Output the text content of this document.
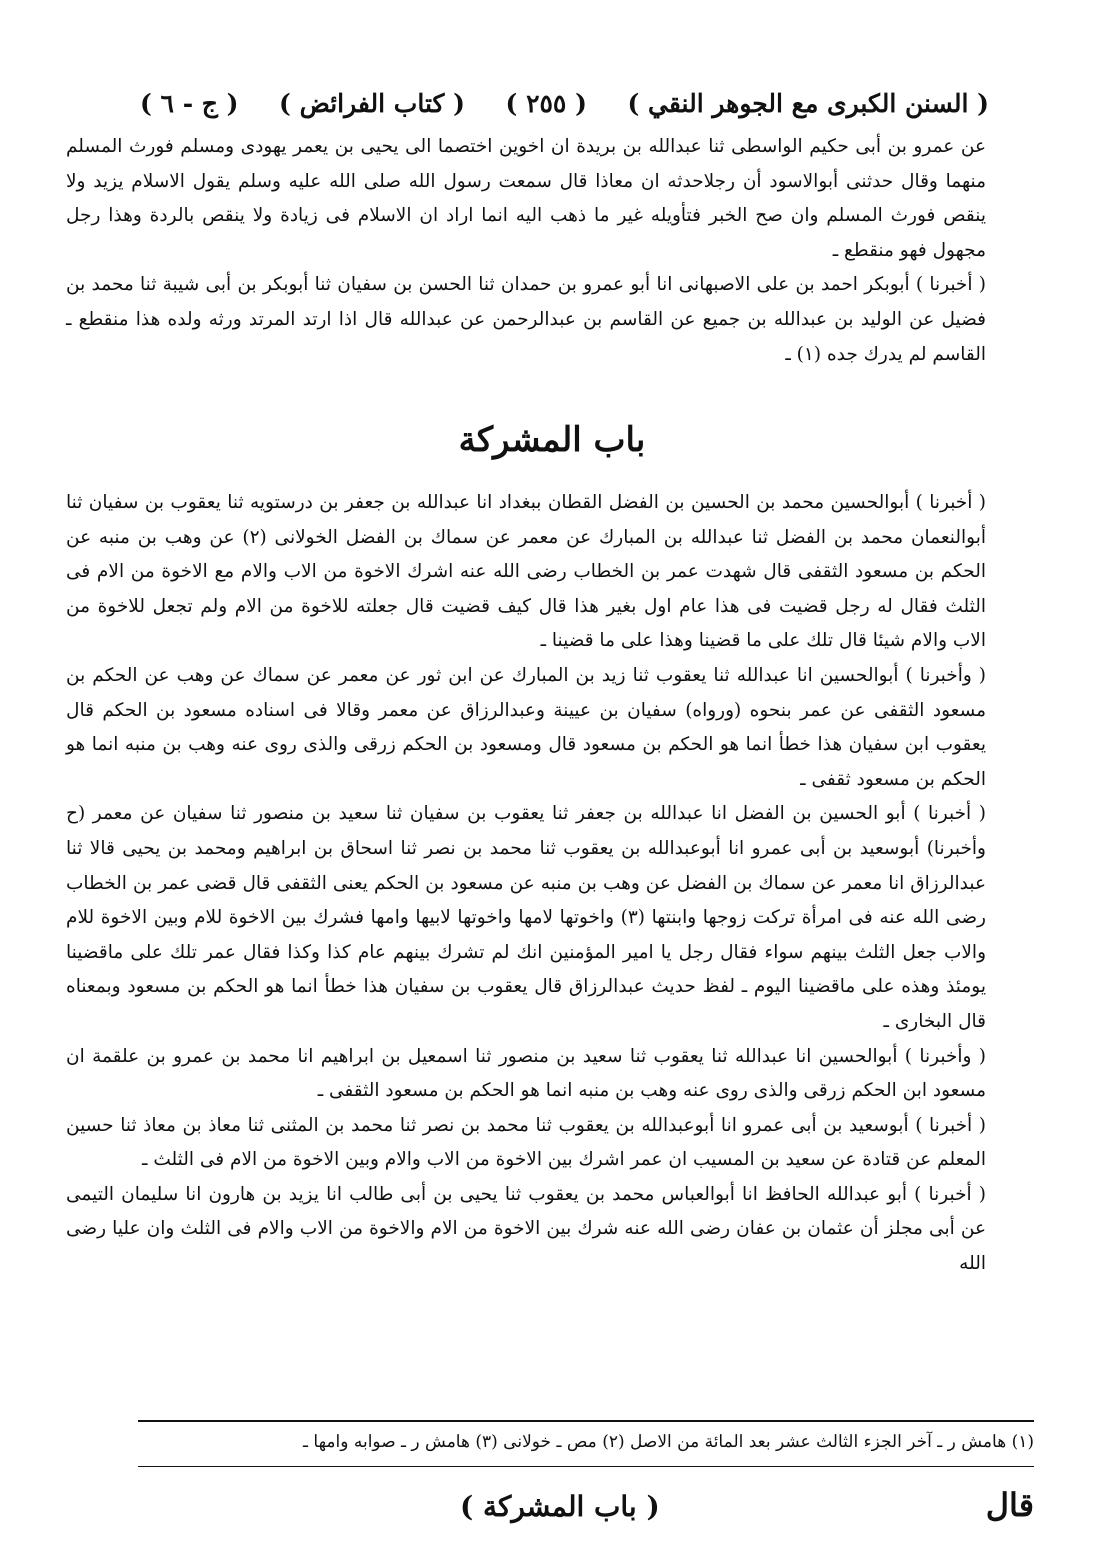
( السنن الكبرى مع الجوهر النقي )
( ٢٥٥ )
( كتاب الفرائض )
( ج - ٦ )

عن عمرو بن أبى حكيم الواسطى ثنا عبدالله بن بريدة ان اخوين اختصما الى يحيى بن يعمر يهودى ومسلم فورث المسلم منهما وقال حدثنى أبوالاسود أن رجلاحدثه ان معاذا قال سمعت رسول الله صلى الله عليه وسلم يقول الاسلام يزيد ولا ينقص فورث المسلم وان صح الخبر فتأويله غير ما ذهب اليه انما اراد ان الاسلام فى زيادة ولا ينقص بالردة وهذا رجل مجهول فهو منقطع ـ

( أخبرنا ) أبوبكر احمد بن على الاصبهانى انا أبو عمرو بن حمدان ثنا الحسن بن سفيان ثنا أبوبكر بن أبى شيبة ثنا محمد بن فضيل عن الوليد بن عبدالله بن جميع عن القاسم بن عبدالرحمن عن عبدالله قال اذا ارتد المرتد ورثه ولده هذا منقطع ـ القاسم لم يدرك جده (١) ـ

باب المشركة

( أخبرنا ) أبوالحسين محمد بن الحسين بن الفضل القطان ببغداد انا عبدالله بن جعفر بن درستويه ثنا يعقوب بن سفيان ثنا أبوالنعمان محمد بن الفضل ثنا عبدالله بن المبارك عن معمر عن سماك بن الفضل الخولانى (٢) عن وهب بن منبه عن الحكم بن مسعود الثقفى قال شهدت عمر بن الخطاب رضى الله عنه اشرك الاخوة من الاب والام مع الاخوة من الام فى الثلث فقال له رجل قضيت فى هذا عام اول بغير هذا قال كيف قضيت قال جعلته للاخوة من الام ولم تجعل للاخوة من الاب والام شيئا قال تلك على ما قضينا وهذا على ما قضينا ـ

( وأخبرنا ) أبوالحسين انا عبدالله ثنا يعقوب ثنا زيد بن المبارك عن ابن ثور عن معمر عن سماك عن وهب عن الحكم بن مسعود الثقفى عن عمر بنحوه (ورواه) سفيان بن عيينة وعبدالرزاق عن معمر وقالا فى اسناده مسعود بن الحكم قال يعقوب ابن سفيان هذا خطأ انما هو الحكم بن مسعود قال ومسعود بن الحكم زرقى والذى روى عنه وهب بن منبه انما هو الحكم بن مسعود ثقفى ـ

( أخبرنا ) أبو الحسين بن الفضل انا عبدالله بن جعفر ثنا يعقوب بن سفيان ثنا سعيد بن منصور ثنا سفيان عن معمر (ح وأخبرنا) أبوسعيد بن أبى عمرو انا أبوعبدالله بن يعقوب ثنا محمد بن نصر ثنا اسحاق بن ابراهيم ومحمد بن يحيى قالا ثنا عبدالرزاق انا معمر عن سماك بن الفضل عن وهب بن منبه عن مسعود بن الحكم يعنى الثقفى قال قضى عمر بن الخطاب رضى الله عنه فى امرأة تركت زوجها وابنتها (٣) واخوتها لامها واخوتها لابيها وامها فشرك بين الاخوة للام وبين الاخوة للام والاب جعل الثلث بينهم سواء فقال رجل يا امير المؤمنين انك لم تشرك بينهم عام كذا وكذا فقال عمر تلك على ماقضينا يومئذ وهذه على ماقضينا اليوم ـ لفظ حديث عبدالرزاق قال يعقوب بن سفيان هذا خطأ انما هو الحكم بن مسعود وبمعناه قال البخارى ـ

( وأخبرنا ) أبوالحسين انا عبدالله ثنا يعقوب ثنا سعيد بن منصور ثنا اسمعيل بن ابراهيم انا محمد بن عمرو بن علقمة ان مسعود ابن الحكم زرقى والذى روى عنه وهب بن منبه انما هو الحكم بن مسعود الثقفى ـ

( أخبرنا ) أبوسعيد بن أبى عمرو انا أبوعبدالله بن يعقوب ثنا محمد بن نصر ثنا محمد بن المثنى ثنا معاذ بن معاذ ثنا حسين المعلم عن قتادة عن سعيد بن المسيب ان عمر اشرك بين الاخوة من الاب والام وبين الاخوة من الام فى الثلث ـ

( أخبرنا ) أبو عبدالله الحافظ انا أبوالعباس محمد بن يعقوب ثنا يحيى بن أبى طالب انا يزيد بن هارون انا سليمان التيمى عن أبى مجلز أن عثمان بن عفان رضى الله عنه شرك بين الاخوة من الام والاخوة من الاب والام فى الثلث وان عليا رضى الله

(١) هامش ر ـ آخر الجزء الثالث عشر بعد المائة من الاصل (٢) مص ـ خولانى (٣) هامش ر ـ صوابه وامها ـ
( باب المشركة )	قال
